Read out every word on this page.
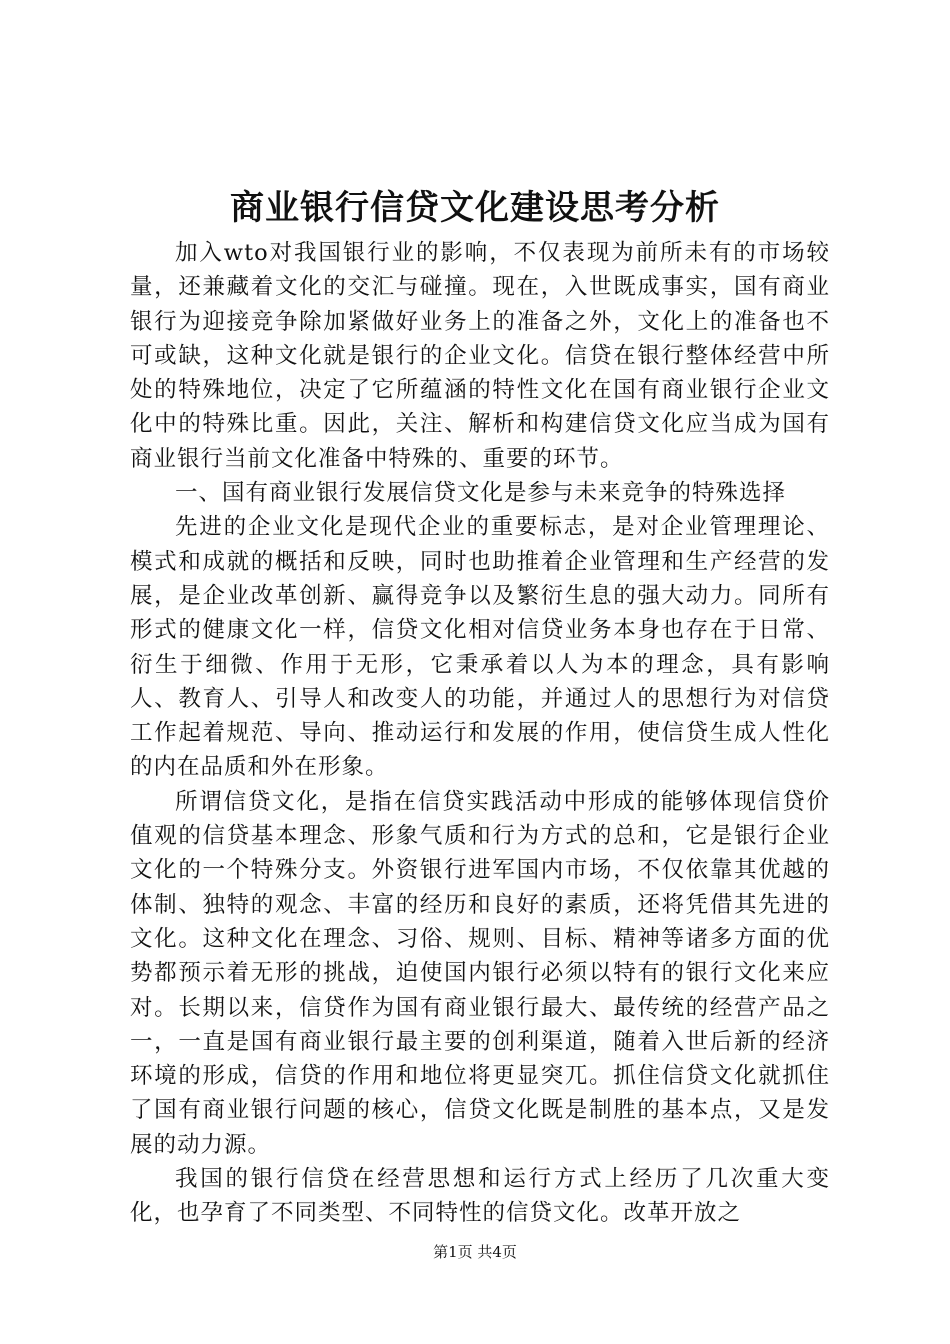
商业银行信贷文化建设思考分析

加入wto对我国银行业的影响，不仅表现为前所未有的市场较量，还兼藏着文化的交汇与碰撞。现在，入世既成事实，国有商业银行为迎接竞争除加紧做好业务上的准备之外，文化上的准备也不可或缺，这种文化就是银行的企业文化。信贷在银行整体经营中所处的特殊地位，决定了它所蕴涵的特性文化在国有商业银行企业文化中的特殊比重。因此，关注、解析和构建信贷文化应当成为国有商业银行当前文化准备中特殊的、重要的环节。

一、国有商业银行发展信贷文化是参与未来竞争的特殊选择

先进的企业文化是现代企业的重要标志，是对企业管理理论、模式和成就的概括和反映，同时也助推着企业管理和生产经营的发展，是企业改革创新、赢得竞争以及繁衍生息的强大动力。同所有形式的健康文化一样，信贷文化相对信贷业务本身也存在于日常、衍生于细微、作用于无形，它秉承着以人为本的理念，具有影响人、教育人、引导人和改变人的功能，并通过人的思想行为对信贷工作起着规范、导向、推动运行和发展的作用，使信贷生成人性化的内在品质和外在形象。

所谓信贷文化，是指在信贷实践活动中形成的能够体现信贷价值观的信贷基本理念、形象气质和行为方式的总和，它是银行企业文化的一个特殊分支。外资银行进军国内市场，不仅依靠其优越的体制、独特的观念、丰富的经历和良好的素质，还将凭借其先进的文化。这种文化在理念、习俗、规则、目标、精神等诸多方面的优势都预示着无形的挑战，迫使国内银行必须以特有的银行文化来应对。长期以来，信贷作为国有商业银行最大、最传统的经营产品之一，一直是国有商业银行最主要的创利渠道，随着入世后新的经济环境的形成，信贷的作用和地位将更显突兀。抓住信贷文化就抓住了国有商业银行问题的核心，信贷文化既是制胜的基本点，又是发展的动力源。

我国的银行信贷在经营思想和运行方式上经历了几次重大变化，也孕育了不同类型、不同特性的信贷文化。改革开放之

第1页 共4页
